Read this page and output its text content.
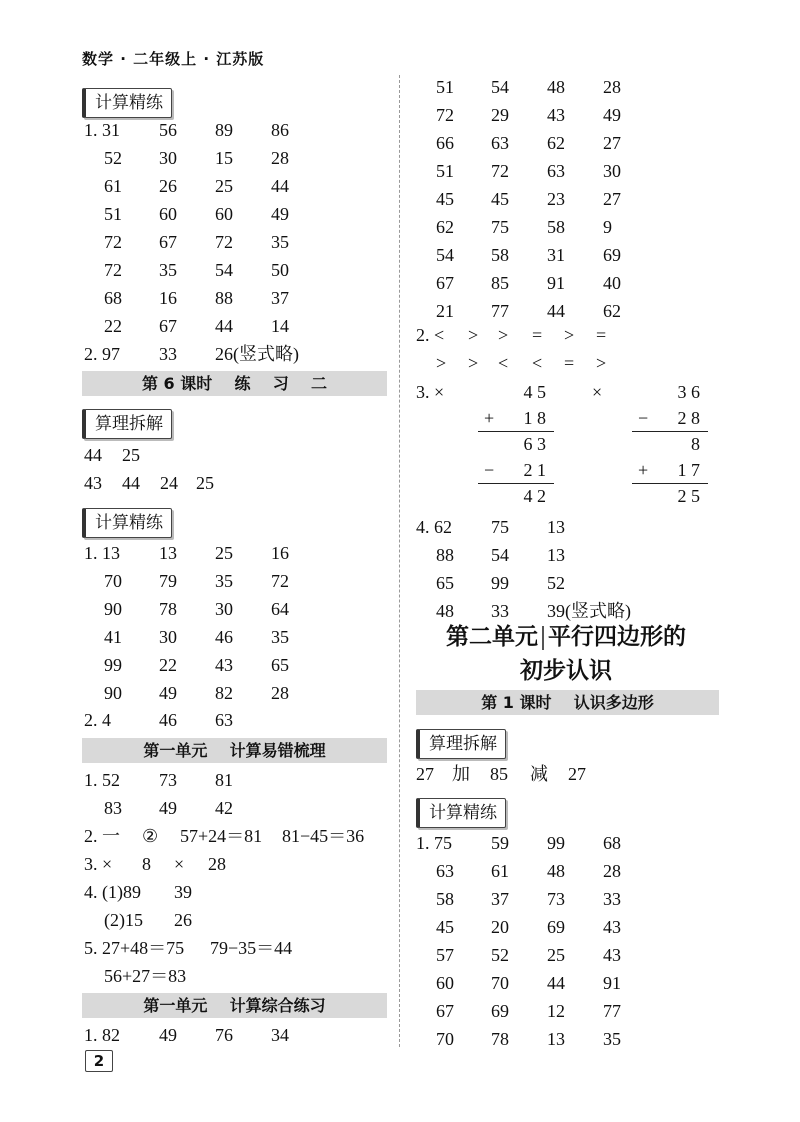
数学 · 二年级上 · 江苏版
计算精练
1. 31 56 89 86
52 30 15 28
61 26 25 44
51 60 60 49
72 67 72 35
72 35 54 50
68 16 88 37
22 67 44 14
2. 97 33 26(竖式略)
第 6 课时    练    习    二
算理拆解
44 25
43 44 24 25
计算精练
1. 13 13 25 16
70 79 35 72
90 78 30 64
41 30 46 35
99 22 43 65
90 49 82 28
2. 4	46 63
第一单元    计算易错梳理
1. 52 73 81
83 49 42
2. 一 ② 57+24＝81 81−45＝36
3. × 8 × 28
4. (1)89 39
(2)15 26
5. 27+48＝75 79−35＝44
56+27＝83
第一单元    计算综合练习
1. 82 49 76 34
2
51 54 48 28
72 29 43 49
66 63 62 27
51 72 63 30
45 45 23 27
62 75 58 9
54 58 31 69
67 85 91 40
21 77 44 62
2. < > > = > =
> > < < = >
3. ×	4 5
+	1 8
6 3
−	2 1
4 2
×	3 6
−	2 8
8
+	1 7
2 5
4. 62 75 13
88 54 13
65 99 52
48 33 39(竖式略)
第二单元 平行四边形的
初步认识
第 1 课时    认识多边形
算理拆解
27 加 85 减 27
计算精练
1. 75 59 99 68
63 61 48 28
58 37 73 33
45 20 69 43
57 52 25 43
60 70 44 91
67 69 12 77
70 78 13 35
